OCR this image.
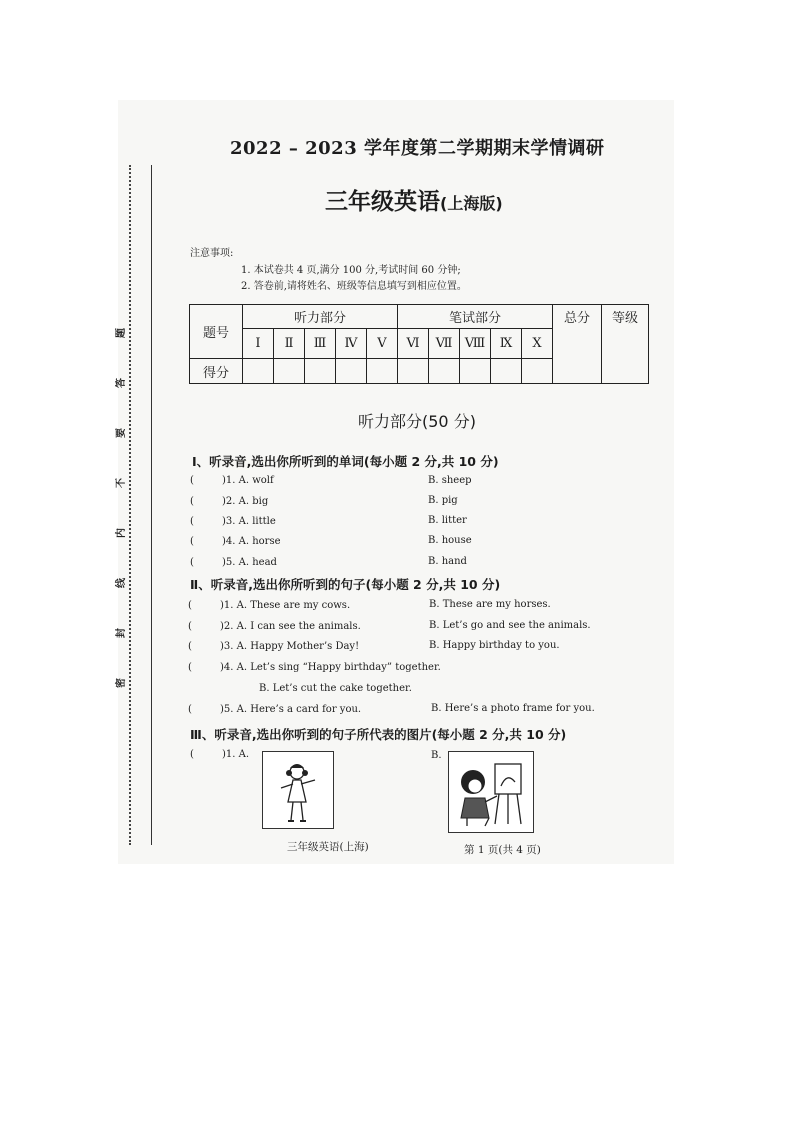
题
答
要
不
内
线
封
密
2022 – 2023 学年度第二学期期末学情调研
三年级英语(上海版)
注意事项:
1. 本试卷共 4 页,满分 100 分,考试时间 60 分钟;
2. 答卷前,请将姓名、班级等信息填写到相应位置。
题号	听力部分					笔试部分					总分	等级
	I	Ⅱ	Ⅲ	Ⅳ	Ⅴ	Ⅵ	Ⅶ	Ⅷ	Ⅸ	Ⅹ		
得分												
听力部分(50 分)
Ⅰ、听录音,选出你所听到的单词(每小题 2 分,共 10 分)
(	)1. A. wolf	B. sheep
(	)2. A. big	B. pig
(	)3. A. little	B. litter
(	)4. A. horse	B. house
(	)5. A. head	B. hand
Ⅱ、听录音,选出你所听到的句子(每小题 2 分,共 10 分)
(	)1. A. These are my cows.	B. These are my horses.
(	)2. A. I can see the animals.	B. Let’s go and see the animals.
(	)3. A. Happy Mother’s Day!	B. Happy birthday to you.
(	)4. A. Let’s sing “Happy birthday” together.
B. Let’s cut the cake together.
(	)5. A. Here’s a card for you.	B. Here’s a photo frame for you.
Ⅲ、听录音,选出你听到的句子所代表的图片(每小题 2 分,共 10 分)
(	)1. A.	B.
三年级英语(上海)	第 1 页(共 4 页)
